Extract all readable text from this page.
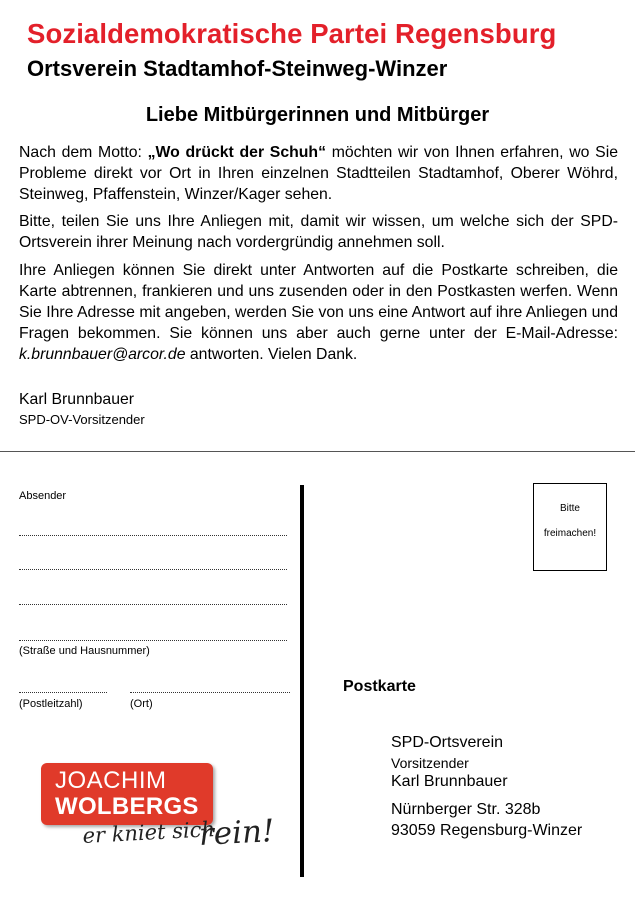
Sozialdemokratische Partei Regensburg
Ortsverein Stadtamhof-Steinweg-Winzer
Liebe Mitbürgerinnen und Mitbürger
Nach dem Motto: „Wo drückt der Schuh“ möchten wir von Ihnen erfahren, wo Sie Probleme direkt vor Ort in Ihren einzelnen Stadtteilen Stadtamhof, Oberer Wöhrd, Steinweg, Pfaffenstein, Winzer/Kager sehen.
Bitte, teilen Sie uns Ihre Anliegen mit, damit wir wissen, um welche sich der SPD-Ortsverein ihrer Meinung nach vordergründig annehmen soll.
Ihre Anliegen können Sie direkt unter Antworten auf die Postkarte schreiben, die Karte abtrennen, frankieren und uns zusenden oder in den Postkasten werfen. Wenn Sie Ihre Adresse mit angeben, werden Sie von uns eine Antwort auf ihre Anliegen und Fragen bekommen. Sie können uns aber auch gerne unter der E-Mail-Adresse: k.brunnbauer@arcor.de antworten. Vielen Dank.
Karl Brunnbauer
SPD-OV-Vorsitzender
Absender
(Straße und Hausnummer)
(Postleitzahl)	(Ort)
Bitte
freimachen!
Postkarte
SPD-Ortsverein
Vorsitzender
Karl Brunnbauer
Nürnberger Str. 328b
93059 Regensburg-Winzer
JOACHIM
WOLBERGS
er kniet sich
rein!
